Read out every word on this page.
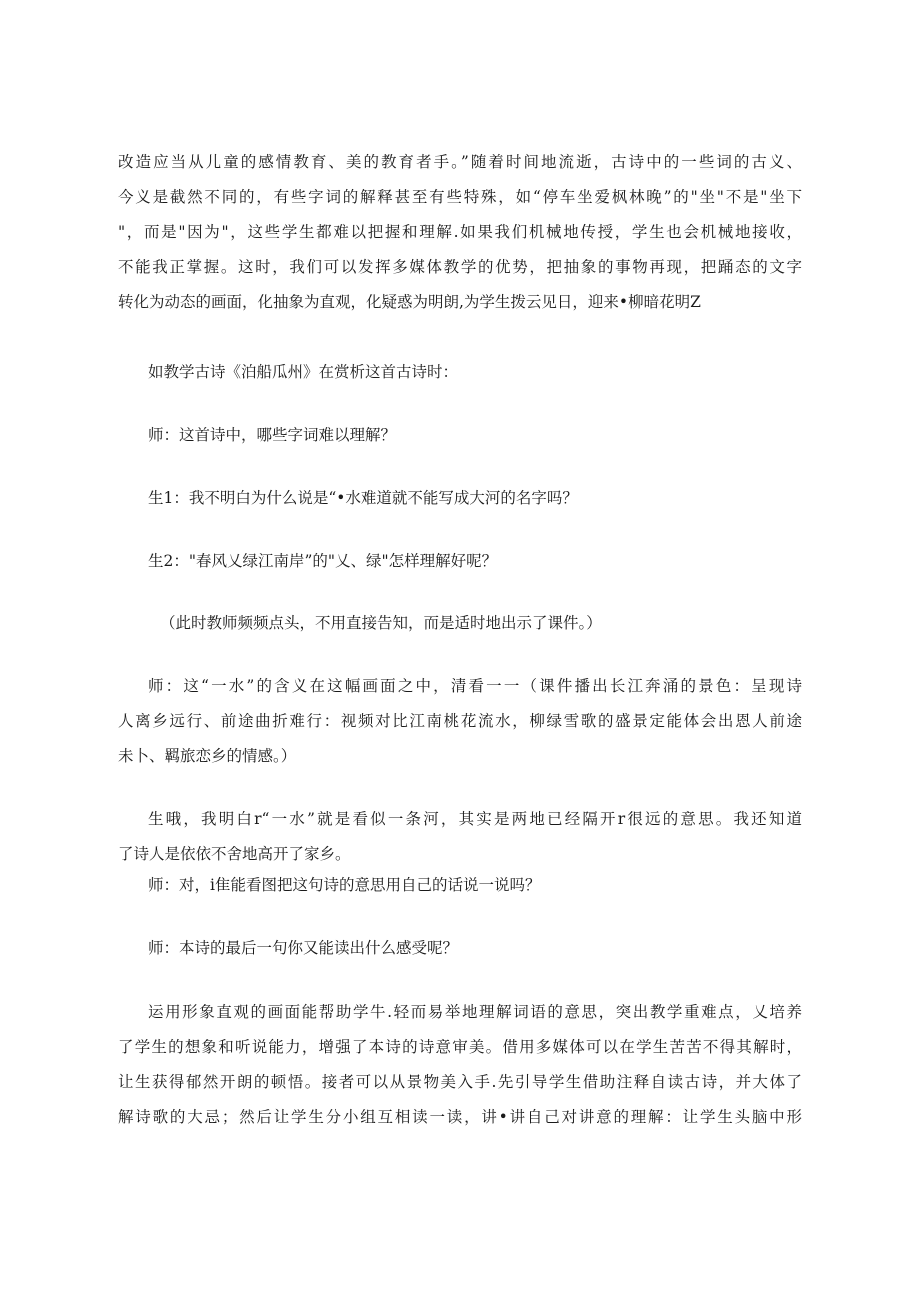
改造应当从儿童的感情教育、美的教育者手。”随着时间地流逝，古诗中的一些词的古义、
今义是截然不同的，有些字词的解释甚至有些特殊，如“停车坐爱枫林晚”的"坐"不是"坐下
"，而是"因为"，这些学生都难以把握和理解.如果我们机械地传授，学生也会机械地接收，
不能我正掌握。这时，我们可以发挥多媒体教学的优势，把抽象的事物再现，把踊态的文字
转化为动态的画面，化抽象为直观，化疑惑为明朗,为学生拨云见日，迎来•柳暗花明Z
如教学古诗《泊船瓜州》在赏析这首古诗时：
师：这首诗中，哪些字词难以理解？
生1：我不明白为什么说是“•水难道就不能写成大河的名字吗？
生2："春风乂绿江南岸”的"乂、绿"怎样理解好呢？
（此时教师频频点头，不用直接告知，而是适时地出示了课件。）
师：这“一水”的含义在这幅画面之中，清看一一（课件播出长江奔涌的景色：呈现诗
人离乡远行、前途曲折难行：视频对比江南桃花流水，柳绿雪歌的盛景定能体会出恩人前途
未卜、羁旅恋乡的情感。）
生哦，我明白r“一水”就是看似一条河，其实是两地已经隔开r很远的意思。我还知道
了诗人是依依不舍地高开了家乡。
师：对，i隹能看图把这句诗的意思用自己的话说一说吗？
师：本诗的最后一句你又能读出什么感受呢？
运用形象直观的画面能帮助学牛.轻而易举地理解词语的意思，突出教学重难点，乂培养
了学生的想象和听说能力，增强了本诗的诗意审美。借用多媒体可以在学生苦苦不得其解时，
让生获得郁然开朗的顿悟。接者可以从景物美入手.先引导学生借助注释自读古诗，并大体了
解诗歌的大忌；然后让学生分小组互相读一读，讲•讲自己对讲意的理解：让学生头脑中形
